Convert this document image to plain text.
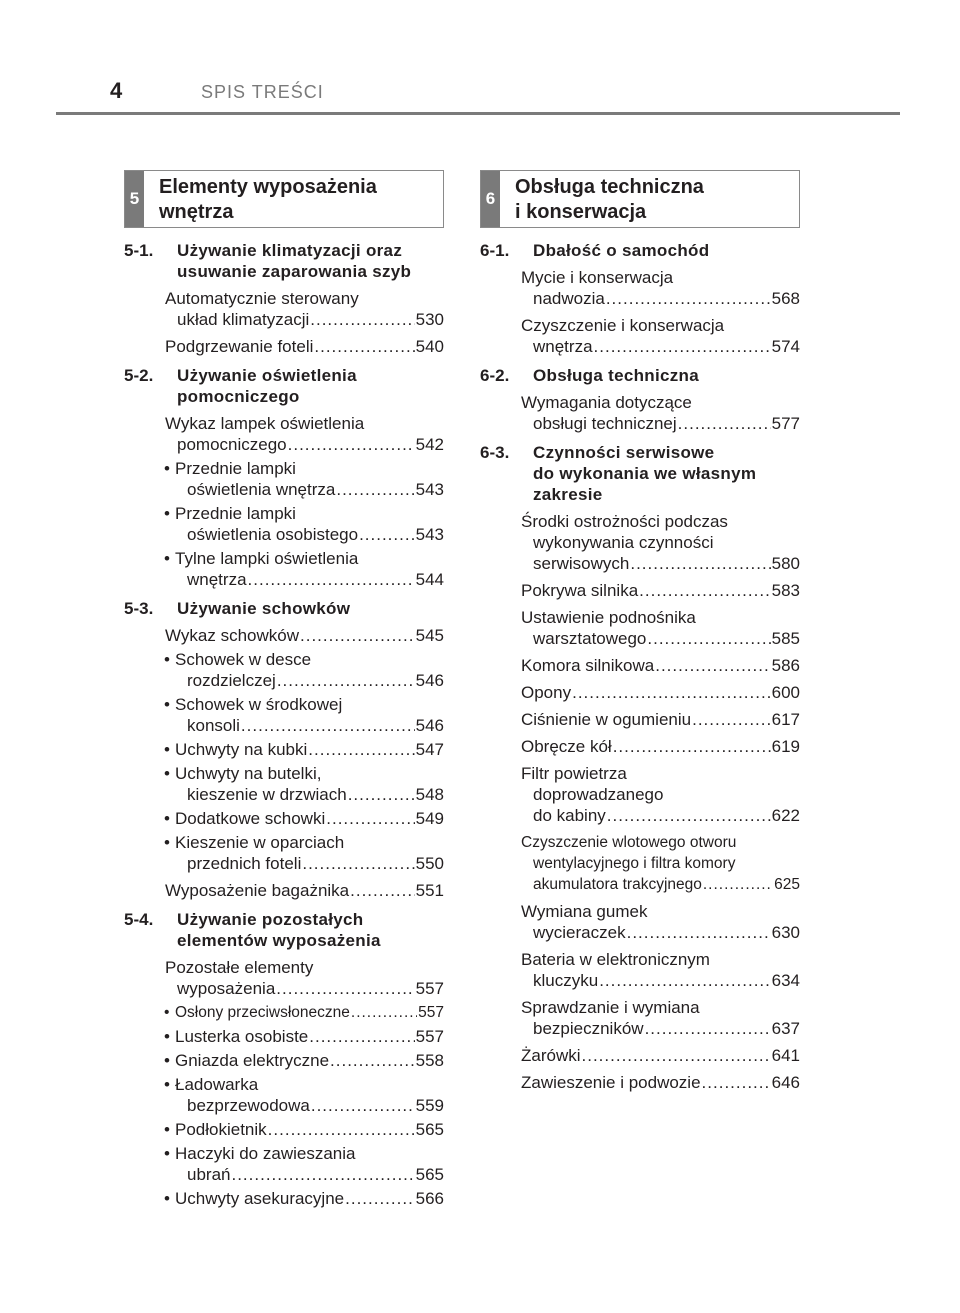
4	SPIS TREŚCI
5
Elementy wyposażenia
wnętrza
5-1.	Używanie klimatyzacji oraz
usuwanie zaparowania szyb
Automatycznie sterowany
układ klimatyzacji .....	530
Podgrzewanie foteli .....	540
5-2.	Używanie oświetlenia
pomocniczego
Wykaz lampek oświetlenia
pomocniczego .....	542
• Przednie lampki
oświetlenia wnętrza .....	543
• Przednie lampki
oświetlenia osobistego .....	543
• Tylne lampki oświetlenia
wnętrza .....	544
5-3.	Używanie schowków
Wykaz schowków .....	545
• Schowek w desce
rozdzielczej .....	546
• Schowek w środkowej
konsoli .....	546
• Uchwyty na kubki .....	547
• Uchwyty na butelki,
kieszenie w drzwiach .....	548
• Dodatkowe schowki .....	549
• Kieszenie w oparciach
przednich foteli .....	550
Wyposażenie bagażnika .....	551
5-4.	Używanie pozostałych
elementów wyposażenia
Pozostałe elementy
wyposażenia .....	557
• Osłony przeciwsłoneczne .....	557
• Lusterka osobiste .....	557
• Gniazda elektryczne .....	558
• Ładowarka
bezprzewodowa .....	559
• Podłokietnik .....	565
• Haczyki do zawieszania
ubrań .....	565
• Uchwyty asekuracyjne .....	566
6
Obsługa techniczna
i konserwacja
6-1.	Dbałość o samochód
Mycie i konserwacja
nadwozia .....	568
Czyszczenie i konserwacja
wnętrza .....	574
6-2.	Obsługa techniczna
Wymagania dotyczące
obsługi technicznej .....	577
6-3.	Czynności serwisowe
do wykonania we własnym
zakresie
Środki ostrożności podczas
wykonywania czynności
serwisowych .....	580
Pokrywa silnika .....	583
Ustawienie podnośnika
warsztatowego .....	585
Komora silnikowa .....	586
Opony .....	600
Ciśnienie w ogumieniu .....	617
Obręcze kół .....	619
Filtr powietrza
doprowadzanego
do kabiny .....	622
Czyszczenie wlotowego otworu
wentylacyjnego i filtra komory
akumulatora trakcyjnego .....	625
Wymiana gumek
wycieraczek .....	630
Bateria w elektronicznym
kluczyku .....	634
Sprawdzanie i wymiana
bezpieczników .....	637
Żarówki .....	641
Zawieszenie i podwozie .....	646
